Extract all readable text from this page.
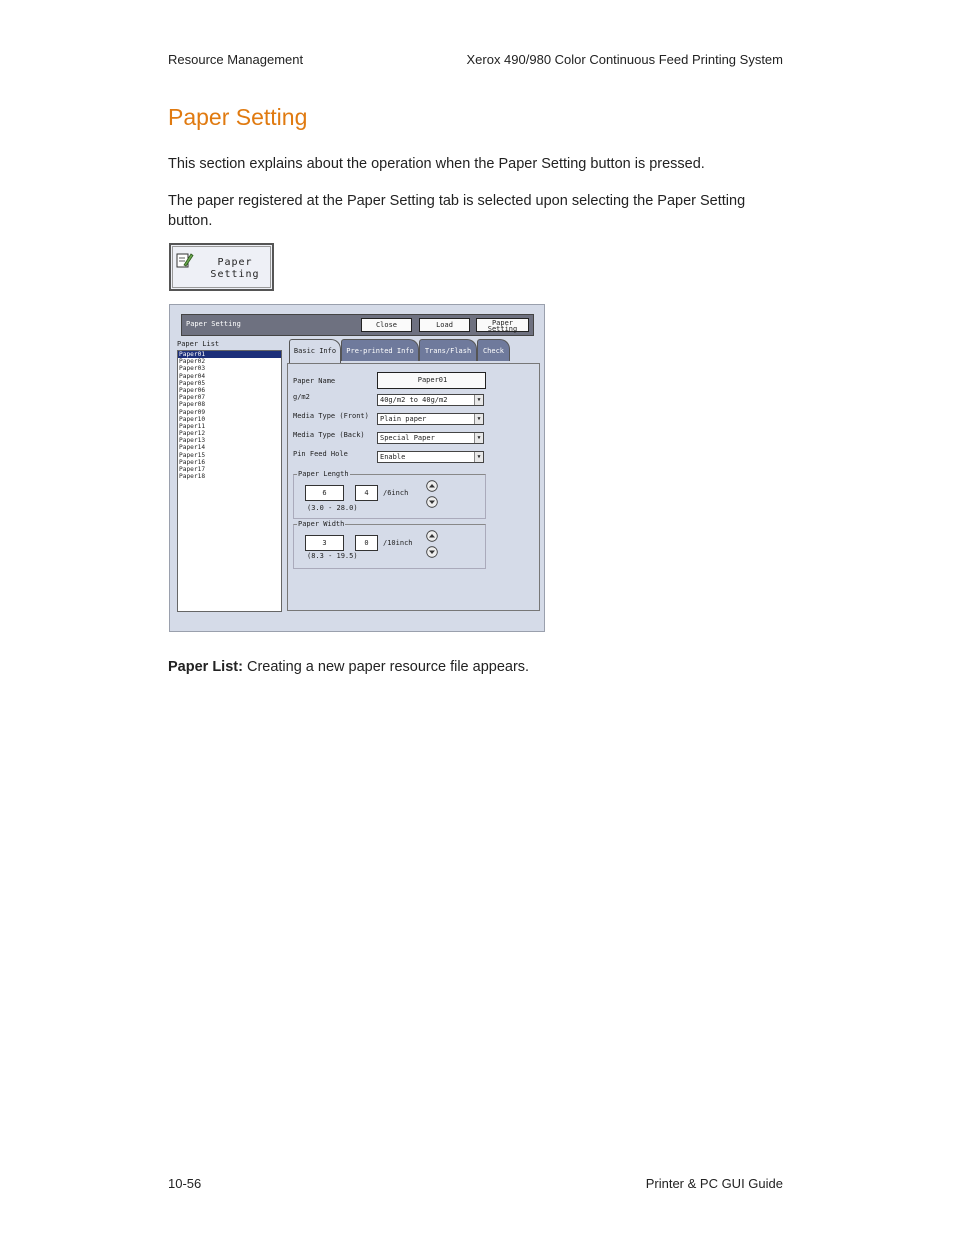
Resource Management	Xerox 490/980 Color Continuous Feed Printing System
Paper Setting

This section explains about the operation when the Paper Setting button is pressed.

The paper registered at the Paper Setting tab is selected upon selecting the Paper Setting button.

Paper
Setting
Paper Setting	Close	Load	Paper
Setting
Paper List
Paper01
Paper02
Paper03
Paper04
Paper05
Paper06
Paper07
Paper08
Paper09
Paper10
Paper11
Paper12
Paper13
Paper14
Paper15
Paper16
Paper17
Paper18
Basic Info	Pre-printed Info	Trans/Flash	Check
Paper Name	Paper01
g/m2	40g/m2 to 40g/m2	▼
Media Type (Front)	Plain paper	▼
Media Type (Back)	Special Paper	▼
Pin Feed Hole	Enable	▼
Paper Length
6	4	/6inch
(3.0 - 28.0)
Paper Width
3	0	/10inch
(8.3 - 19.5)

Paper List: Creating a new paper resource file appears.

10-56	Printer & PC GUI Guide
